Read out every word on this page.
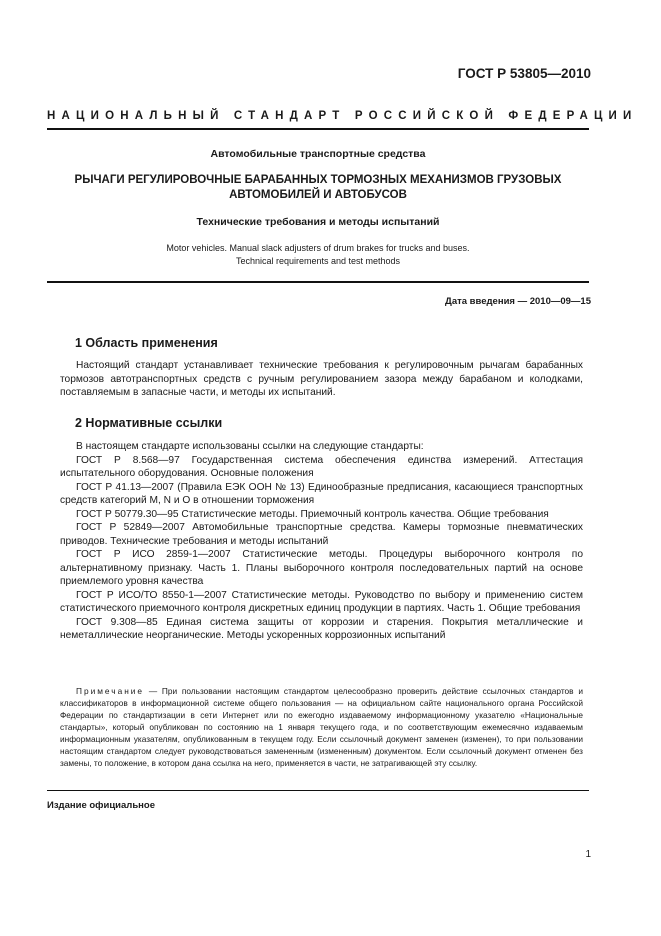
ГОСТ Р 53805—2010
НАЦИОНАЛЬНЫЙ СТАНДАРТ РОССИЙСКОЙ ФЕДЕРАЦИИ
Автомобильные транспортные средства
РЫЧАГИ РЕГУЛИРОВОЧНЫЕ БАРАБАННЫХ ТОРМОЗНЫХ МЕХАНИЗМОВ ГРУЗОВЫХ
АВТОМОБИЛЕЙ И АВТОБУСОВ
Технические требования и методы испытаний
Motor vehicles. Manual slack adjusters of drum brakes for trucks and buses.
Technical requirements and test methods
Дата введения — 2010—09—15
1 Область применения

Настоящий стандарт устанавливает технические требования к регулировочным рычагам барабанных тормозов автотранспортных средств с ручным регулированием зазора между барабаном и колодками, поставляемым в запасные части, и методы их испытаний.

2 Нормативные ссылки

В настоящем стандарте использованы ссылки на следующие стандарты:

ГОСТ Р 8.568—97 Государственная система обеспечения единства измерений. Аттестация испытательного оборудования. Основные положения

ГОСТ Р 41.13—2007 (Правила ЕЭК ООН № 13) Единообразные предписания, касающиеся транспортных средств категорий M, N и O в отношении торможения

ГОСТ Р 50779.30—95 Статистические методы. Приемочный контроль качества. Общие требования

ГОСТ Р 52849—2007 Автомобильные транспортные средства. Камеры тормозные пневматических приводов. Технические требования и методы испытаний

ГОСТ Р ИСО 2859-1—2007 Статистические методы. Процедуры выборочного контроля по альтернативному признаку. Часть 1. Планы выборочного контроля последовательных партий на основе приемлемого уровня качества

ГОСТ Р ИСО/ТО 8550-1—2007 Статистические методы. Руководство по выбору и применению систем статистического приемочного контроля дискретных единиц продукции в партиях. Часть 1. Общие требования

ГОСТ 9.308—85 Единая система защиты от коррозии и старения. Покрытия металлические и неметаллические неорганические. Методы ускоренных коррозионных испытаний

Примечание — При пользовании настоящим стандартом целесообразно проверить действие ссылочных стандартов и классификаторов в информационной системе общего пользования — на официальном сайте национального органа Российской Федерации по стандартизации в сети Интернет или по ежегодно издаваемому информационному указателю «Национальные стандарты», который опубликован по состоянию на 1 января текущего года, и по соответствующим ежемесячно издаваемым информационным указателям, опубликованным в текущем году. Если ссылочный документ заменен (изменен), то при пользовании настоящим стандартом следует руководствоваться замененным (измененным) документом. Если ссылочный документ отменен без замены, то положение, в котором дана ссылка на него, применяется в части, не затрагивающей эту ссылку.

Издание официальное
1
